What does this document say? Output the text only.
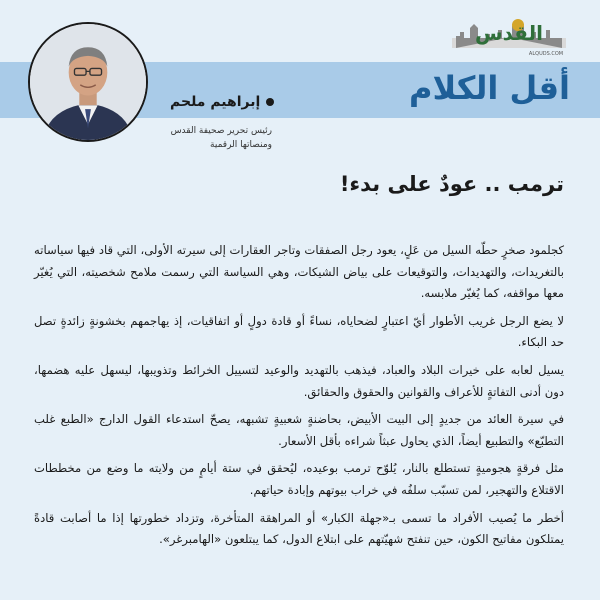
القدس
ALQUDS.COM
أقل الكلام
إبراهيم ملحم
رئيس تحرير صحيفة القدس
ومنصاتها الرقمية
ترمب .. عودٌ على بدء!

كجلمود صخرٍ حطّه السيل من عَلٍ، يعود رجل الصفقات وتاجر العقارات إلى سيرته الأولى، التي قاد فيها سياساته بالتغريدات، والتهديدات، والتوقيعات على بياض الشيكات، وهي السياسة التي رسمت ملامح شخصيته، التي يُغيّر معها مواقفه، كما يُغيّر ملابسه.

لا يضع الرجل غريب الأطوار أيّ اعتبارٍ لضحاياه، نساءً أو قادة دولٍ أو اتفاقيات، إذ يهاجمهم بخشونةٍ زائدةٍ تصل حد البكاء.

يسيل لعابه على خيرات البلاد والعباد، فيذهب بالتهديد والوعيد لتسييل الخرائط وتذويبها، ليسهل عليه هضمها، دون أدنى التفاتةٍ للأعراف والقوانين والحقوق والحقائق.

في سيرة العائد من جديدٍ إلى البيت الأبيض، بحاضنةٍ شعبيةٍ تشبهه، يصحّ استدعاء القول الدارج «الطبع غلب التطبّع» والتطبيع أيضاً، الذي يحاول عبثاً شراءه بأقل الأسعار.

مثل فرقةٍ هجوميةٍ تستطلع بالنار، يُلوّح ترمب بوعيده، ليُحقق في ستة أيامٍ من ولايته ما وضع من مخططات الاقتلاع والتهجير، لمن تسبّب سلفُه في خراب بيوتهم وإبادة حياتهم.

أخطر ما يُصيب الأفراد ما تسمى بـ«جهلة الكبار» أو المراهقة المتأخرة، وتزداد خطورتها إذا ما أصابت قادةً يمتلكون مفاتيح الكون، حين تنفتح شهيّتهم على ابتلاع الدول، كما يبتلعون «الهامبرغر».
